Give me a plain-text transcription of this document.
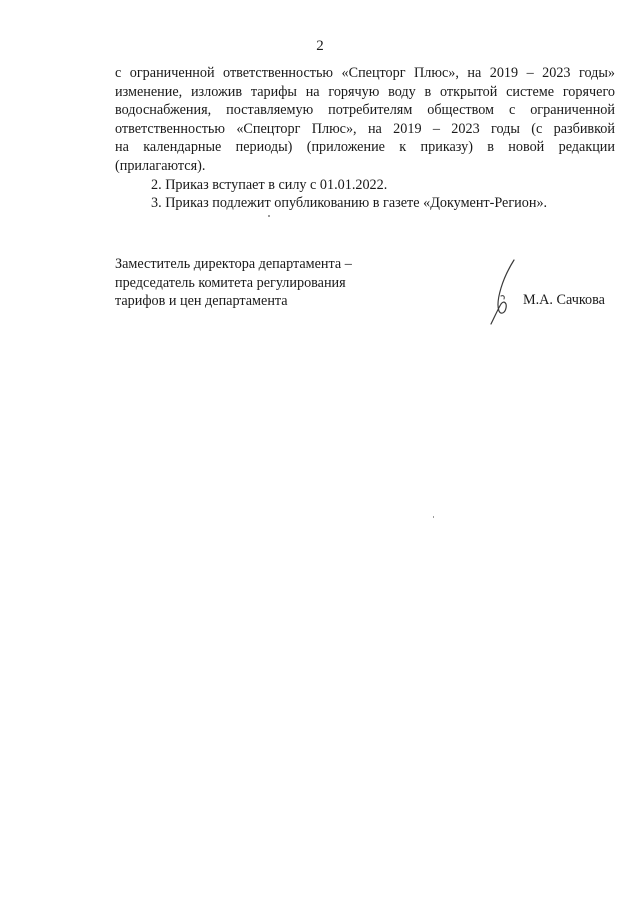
2
с ограниченной ответственностью «Спецторг Плюс», на 2019 – 2023 годы»
изменение, изложив тарифы на горячую воду в открытой системе горячего
водоснабжения, поставляемую потребителям обществом с ограниченной
ответственностью «Спецторг Плюс», на 2019 – 2023 годы (с разбивкой
на календарные периоды) (приложение к приказу) в новой редакции
(прилагаются).
2. Приказ вступает в силу с 01.01.2022.
3. Приказ подлежит опубликованию в газете «Документ-Регион».
Заместитель директора департамента –
председатель комитета регулирования
тарифов и цен департамента	М.А. Сачкова
